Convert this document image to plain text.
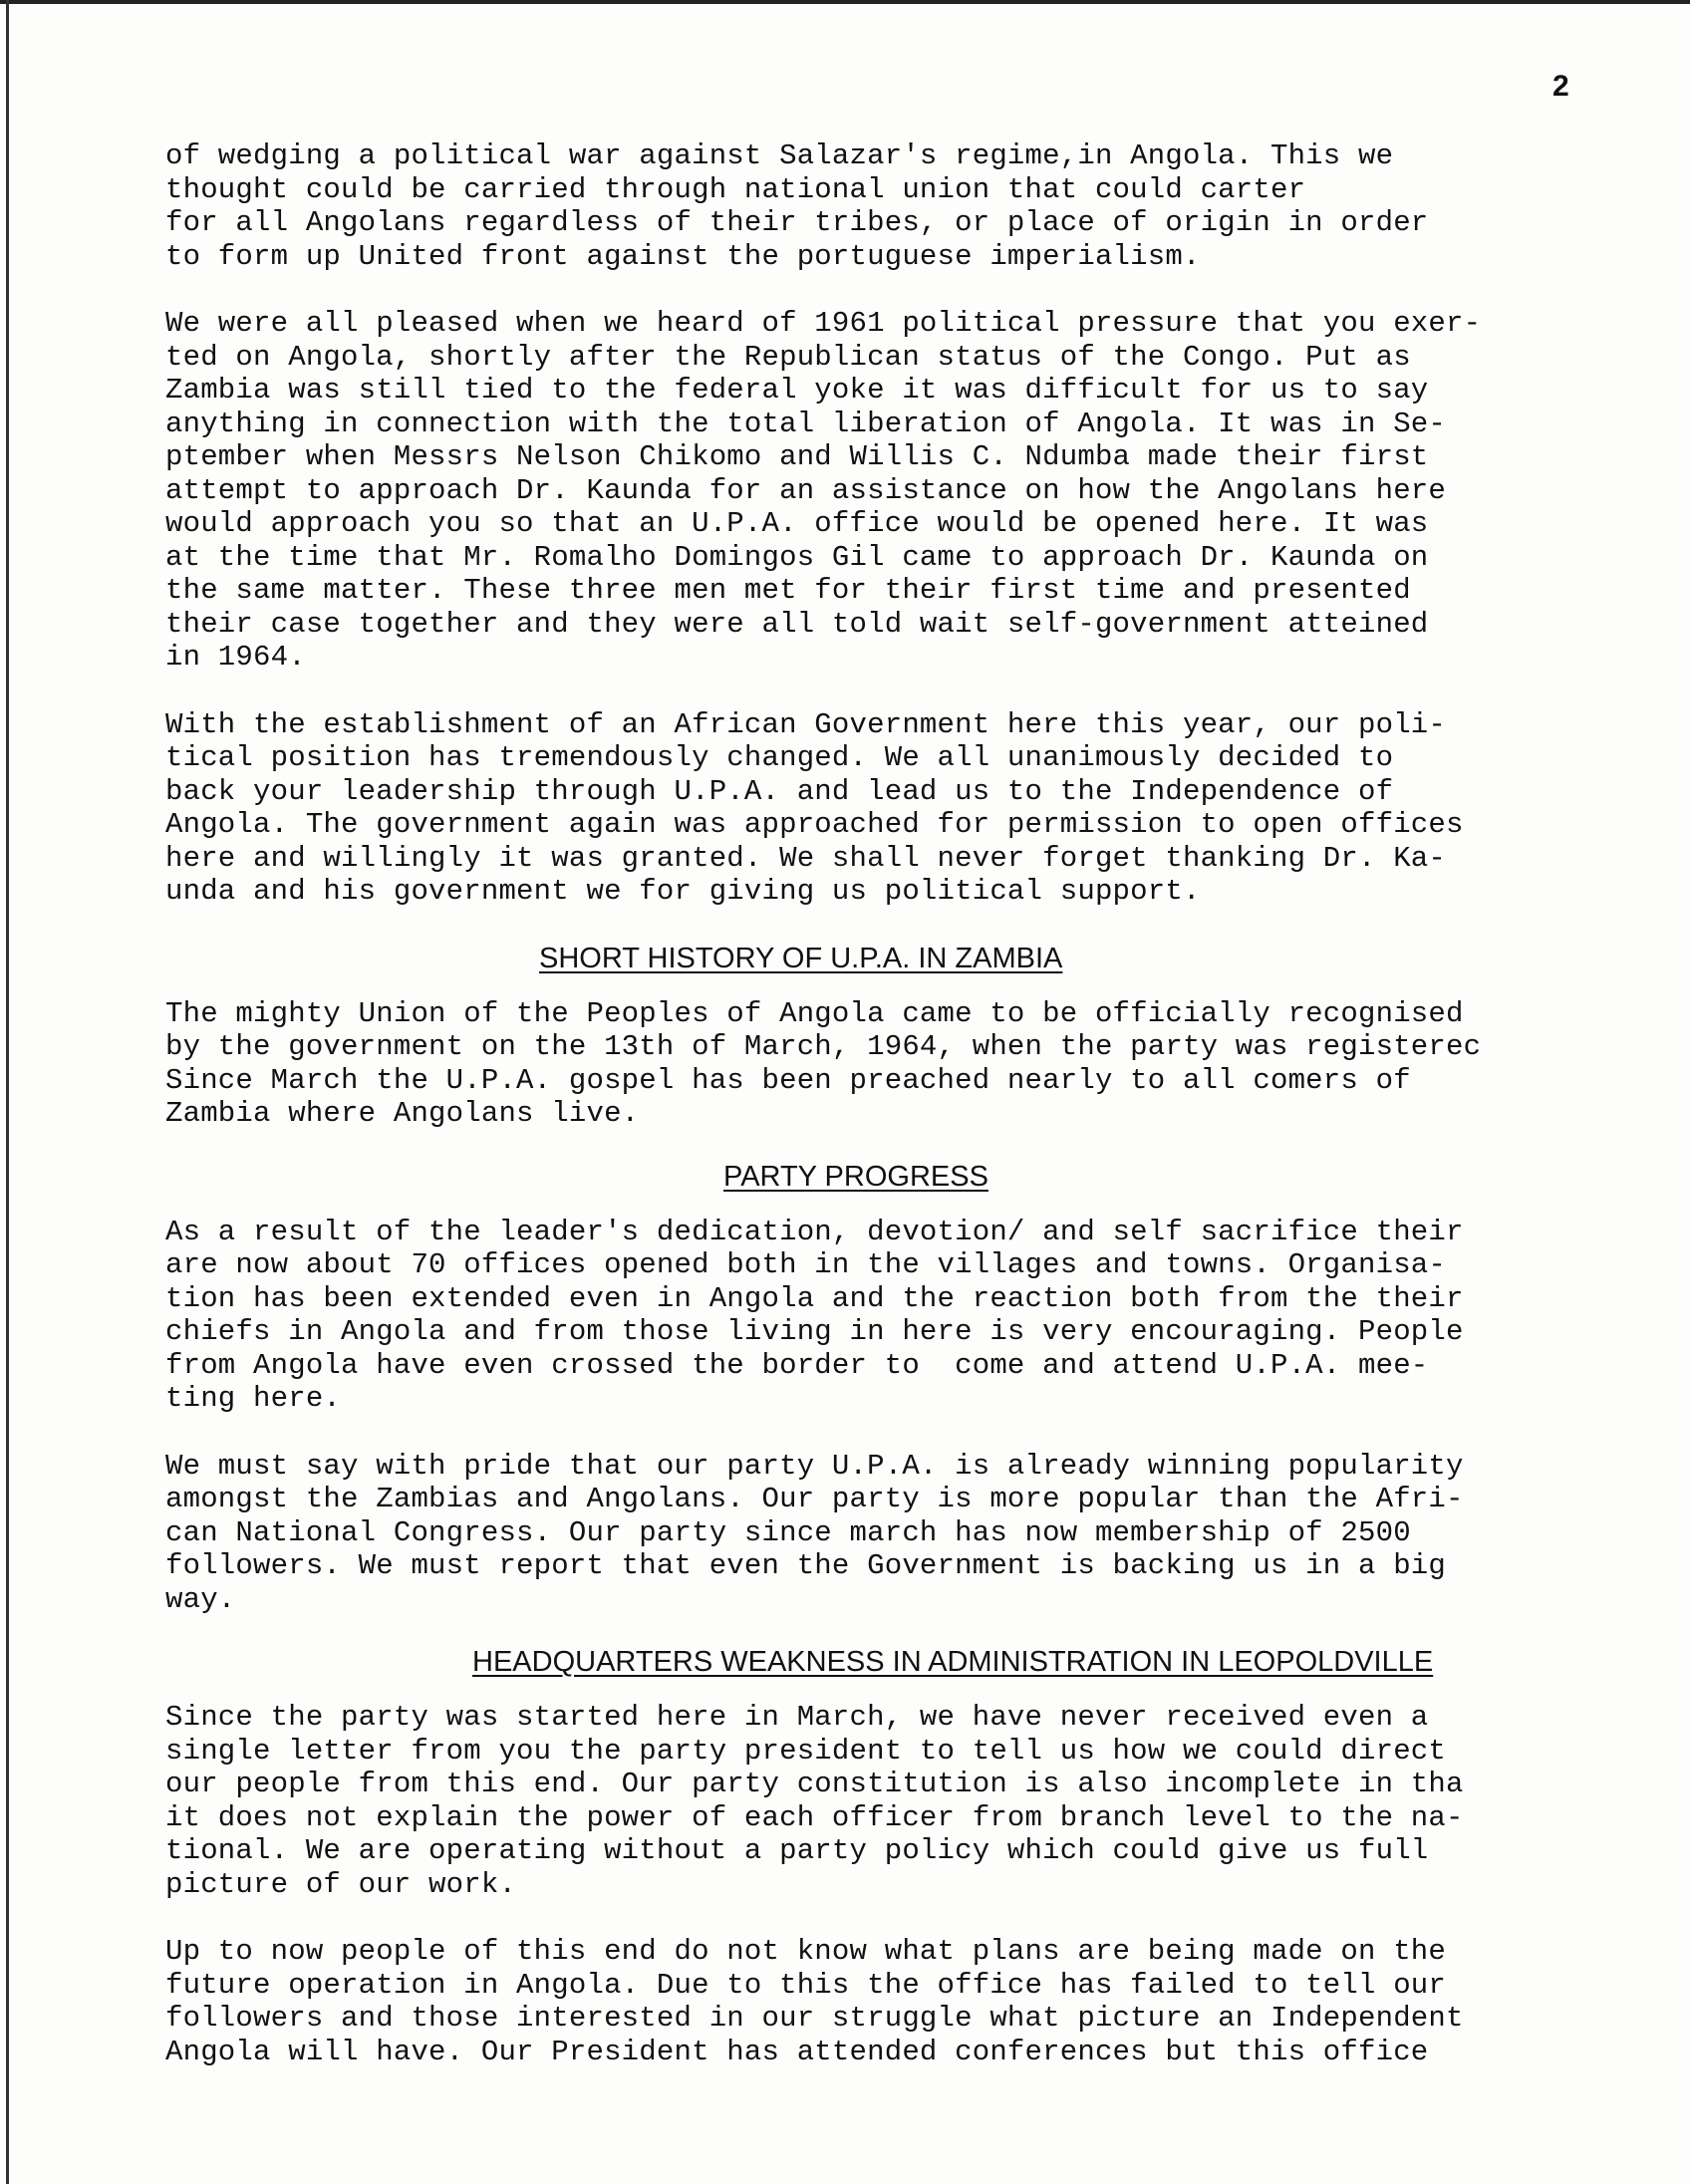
2

of wedging a political war against Salazar's regime,in Angola. This we
thought could be carried through national union that could carter
for all Angolans regardless of their tribes, or place of origin in order
to form up United front against the portuguese imperialism.

We were all pleased when we heard of 1961 political pressure that you exer-
ted on Angola, shortly after the Republican status of the Congo. Put as
Zambia was still tied to the federal yoke it was difficult for us to say
anything in connection with the total liberation of Angola. It was in Se-
ptember when Messrs Nelson Chikomo and Willis C. Ndumba made their first
attempt to approach Dr. Kaunda for an assistance on how the Angolans here
would approach you so that an U.P.A. office would be opened here. It was
at the time that Mr. Romalho Domingos Gil came to approach Dr. Kaunda on
the same matter. These three men met for their first time and presented
their case together and they were all told wait self-government atteined
in 1964.

With the establishment of an African Government here this year, our poli-
tical position has tremendously changed. We all unanimously decided to
back your leadership through U.P.A. and lead us to the Independence of
Angola. The government again was approached for permission to open offices
here and willingly it was granted. We shall never forget thanking Dr. Ka-
unda and his government we for giving us political support.

SHORT HISTORY OF U.P.A. IN ZAMBIA

The mighty Union of the Peoples of Angola came to be officially recognised
by the government on the 13th of March, 1964, when the party was registerec
Since March the U.P.A. gospel has been preached nearly to all comers of
Zambia where Angolans live.

PARTY PROGRESS

As a result of the leader's dedication, devotion/ and self sacrifice their
are now about 70 offices opened both in the villages and towns. Organisa-
tion has been extended even in Angola and the reaction both from the their
chiefs in Angola and from those living in here is very encouraging. People
from Angola have even crossed the border to  come and attend U.P.A. mee-
ting here.

We must say with pride that our party U.P.A. is already winning popularity
amongst the Zambias and Angolans. Our party is more popular than the Afri-
can National Congress. Our party since march has now membership of 2500
followers. We must report that even the Government is backing us in a big
way.

HEADQUARTERS WEAKNESS IN ADMINISTRATION IN LEOPOLDVILLE

Since the party was started here in March, we have never received even a
single letter from you the party president to tell us how we could direct
our people from this end. Our party constitution is also incomplete in tha
it does not explain the power of each officer from branch level to the na-
tional. We are operating without a party policy which could give us full
picture of our work.

Up to now people of this end do not know what plans are being made on the
future operation in Angola. Due to this the office has failed to tell our
followers and those interested in our struggle what picture an Independent
Angola will have. Our President has attended conferences but this office
